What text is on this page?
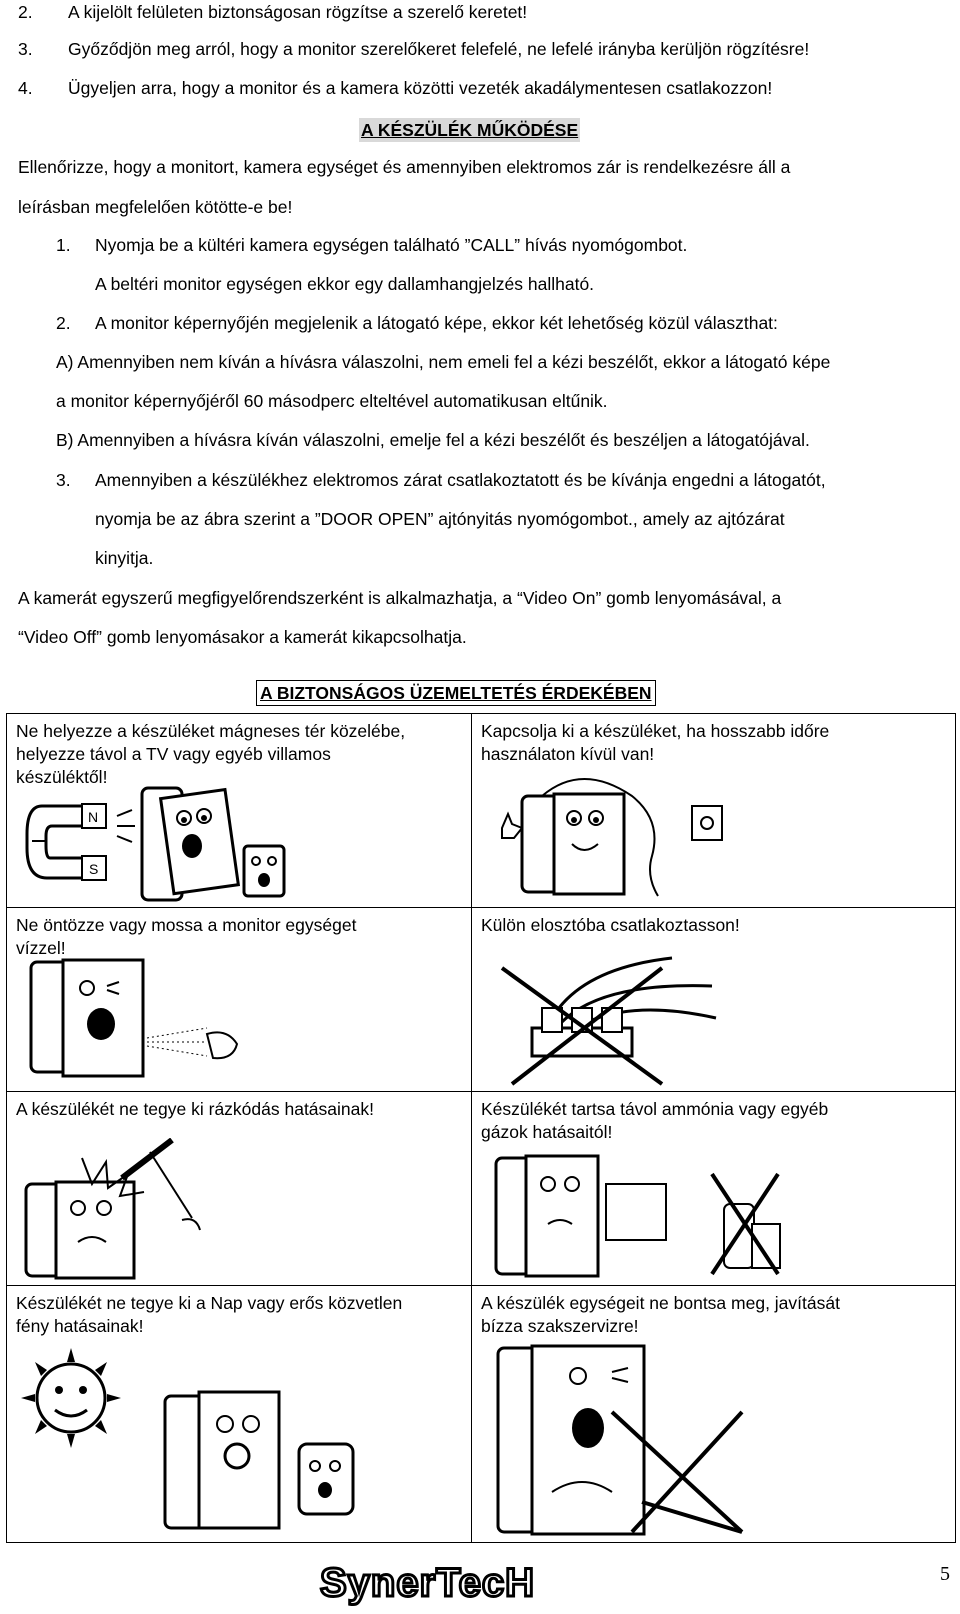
2. A kijelölt felületen biztonságosan rögzítse a szerelő keretet!
3. Győződjön meg arról, hogy a monitor szerelőkeret felefelé, ne lefelé irányba kerüljön rögzítésre!
4. Ügyeljen arra, hogy a monitor és a kamera közötti vezeték akadálymentesen csatlakozzon!
A KÉSZÜLÉK MŰKÖDÉSE
Ellenőrizze, hogy a monitort, kamera egységet és amennyiben elektromos zár is rendelkezésre áll a
leírásban megfelelően kötötte-e be!
1. Nyomja be a kültéri kamera egységen található ”CALL” hívás nyomógombot.
A beltéri monitor egységen ekkor egy dallamhangjelzés hallható.
2. A monitor képernyőjén megjelenik a látogató képe, ekkor két lehetőség közül választhat:
A) Amennyiben nem kíván a hívásra válaszolni, nem emeli fel a kézi beszélőt, ekkor a látogató képe
a monitor képernyőjéről 60 másodperc elteltével automatikusan eltűnik.
B) Amennyiben a hívásra kíván válaszolni, emelje fel a kézi beszélőt és beszéljen a látogatójával.
3. Amennyiben a készülékhez elektromos zárat csatlakoztatott és be kívánja engedni a látogatót,
nyomja be az ábra szerint a ”DOOR OPEN” ajtónyitás nyomógombot., amely az ajtózárat
kinyitja.
A kamerát egyszerű megfigyelőrendszerként is alkalmazhatja, a “Video On” gomb lenyomásával, a
“Video Off” gomb lenyomásakor a kamerát kikapcsolhatja.
A BIZTONSÁGOS ÜZEMELTETÉS ÉRDEKÉBEN
Ne helyezze a készüléket mágneses tér közelébe,
helyezze távol a TV vagy egyéb villamos
készüléktől!
N
S
Kapcsolja ki a készüléket, ha hosszabb időre
használaton kívül van!
Ne öntözze vagy mossa a monitor egységet
vízzel!
Külön elosztóba csatlakoztasson!
A készülékét ne tegye ki rázkódás hatásainak!	Készülékét tartsa távol ammónia vagy egyéb
gázok hatásaitól!
Készülékét ne tegye ki a Nap vagy erős közvetlen
fény hatásainak!
A készülék egységeit ne bontsa meg, javítását
bízza szakszervizre!
SynerTecH	5
